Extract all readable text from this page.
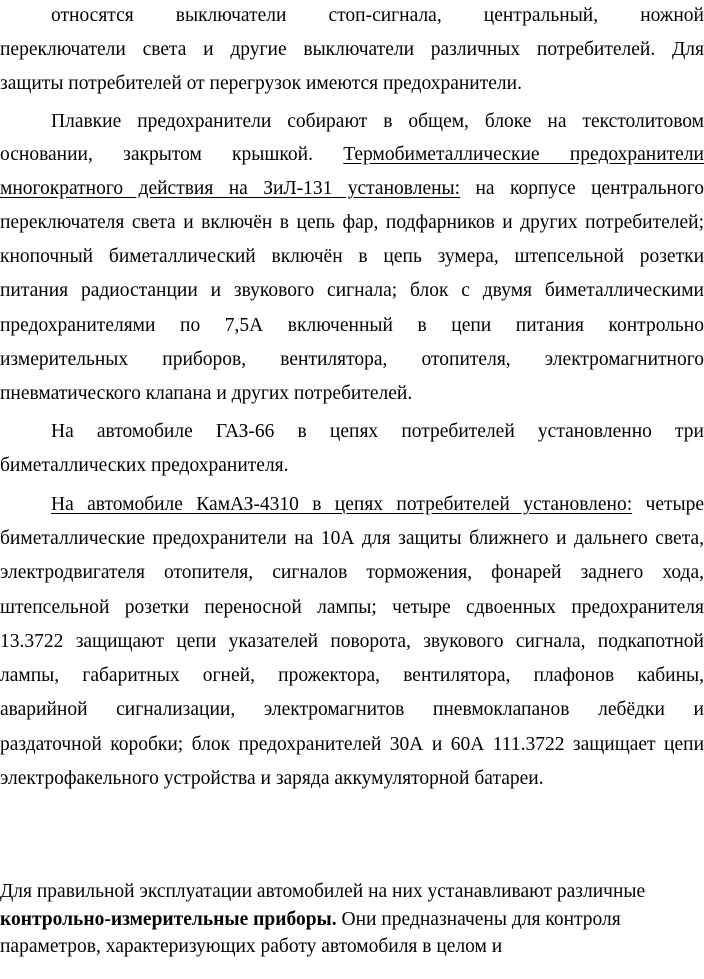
относятся выключатели стоп-сигнала, центральный, ножной
переключатели света и другие выключатели различных потребителей. Для
защиты потребителей от перегрузок имеются предохранители.
Плавкие предохранители собирают в общем, блоке на текстолитовом
основании, закрытом крышкой. Термобиметаллические предохранители
многократного действия на ЗиЛ-131 установлены: на корпусе центрального
переключателя света и включён в цепь фар, подфарников и других потребителей;
кнопочный биметаллический включён в цепь зумера, штепсельной розетки
питания радиостанции и звукового сигнала; блок с двумя биметаллическими
предохранителями по 7,5А включенный в цепи питания контрольно
измерительных приборов, вентилятора, отопителя, электромагнитного
пневматического клапана и других потребителей.
На автомобиле ГАЗ-66 в цепях потребителей установленно три
биметаллических предохранителя.
На автомобиле КамАЗ-4310 в цепях потребителей установлено: четыре
биметаллические предохранители на 10А для защиты ближнего и дальнего света,
электродвигателя отопителя, сигналов торможения, фонарей заднего хода,
штепсельной розетки переносной лампы; четыре сдвоенных предохранителя
13.3722 защищают цепи указателей поворота, звукового сигнала, подкапотной
лампы, габаритных огней, прожектора, вентилятора, плафонов кабины,
аварийной сигнализации, электромагнитов пневмоклапанов лебёдки и
раздаточной коробки; блок предохранителей 30А и 60А 111.3722 защищает цепи
электрофакельного устройства и заряда аккумуляторной батареи.
Для правильной эксплуатации автомобилей на них устанавливают различные
контрольно-измерительные приборы. Они предназначены для контроля
параметров, характеризующих работу автомобиля в целом и
